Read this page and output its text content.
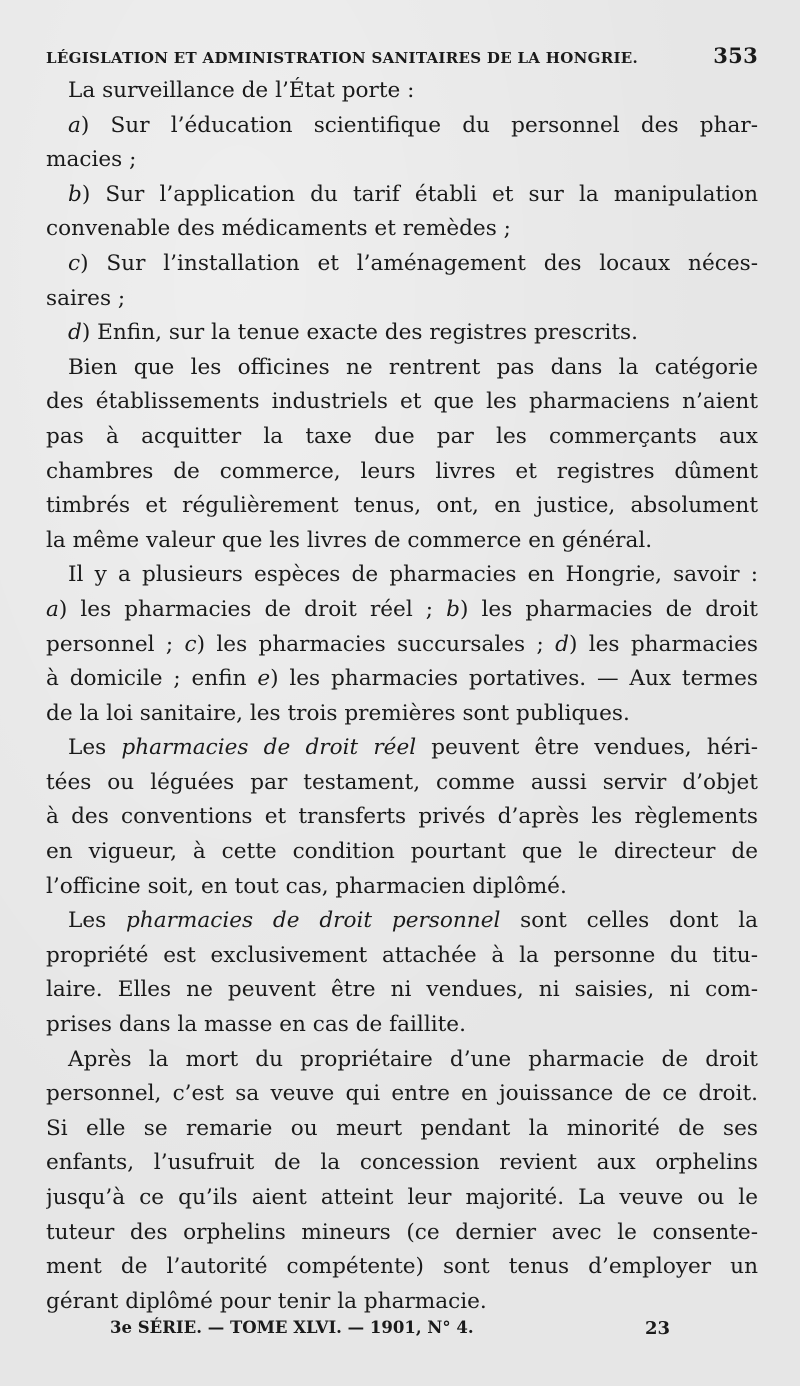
LÉGISLATION ET ADMINISTRATION SANITAIRES DE LA HONGRIE.	353
La surveillance de l’État porte :
a) Sur l’éducation scientifique du personnel des phar-
macies ;
b) Sur l’application du tarif établi et sur la manipulation
convenable des médicaments et remèdes ;
c) Sur l’installation et l’aménagement des locaux néces-
saires ;
d) Enfin, sur la tenue exacte des registres prescrits.
Bien que les officines ne rentrent pas dans la catégorie
des établissements industriels et que les pharmaciens n’aient
pas à acquitter la taxe due par les commerçants aux
chambres de commerce, leurs livres et registres dûment
timbrés et régulièrement tenus, ont, en justice, absolument
la même valeur que les livres de commerce en général.
Il y a plusieurs espèces de pharmacies en Hongrie, savoir :
a) les pharmacies de droit réel ; b) les pharmacies de droit
personnel ; c) les pharmacies succursales ; d) les pharmacies
à domicile ; enfin e) les pharmacies portatives. — Aux termes
de la loi sanitaire, les trois premières sont publiques.
Les pharmacies de droit réel peuvent être vendues, héri-
tées ou léguées par testament, comme aussi servir d’objet
à des conventions et transferts privés d’après les règlements
en vigueur, à cette condition pourtant que le directeur de
l’officine soit, en tout cas, pharmacien diplômé.
Les pharmacies de droit personnel sont celles dont la
propriété est exclusivement attachée à la personne du titu-
laire. Elles ne peuvent être ni vendues, ni saisies, ni com-
prises dans la masse en cas de faillite.
Après la mort du propriétaire d’une pharmacie de droit
personnel, c’est sa veuve qui entre en jouissance de ce droit.
Si elle se remarie ou meurt pendant la minorité de ses
enfants, l’usufruit de la concession revient aux orphelins
jusqu’à ce qu’ils aient atteint leur majorité. La veuve ou le
tuteur des orphelins mineurs (ce dernier avec le consente-
ment de l’autorité compétente) sont tenus d’employer un
gérant diplômé pour tenir la pharmacie.
3e SÉRIE. — TOME XLVI. — 1901, N° 4.	23
